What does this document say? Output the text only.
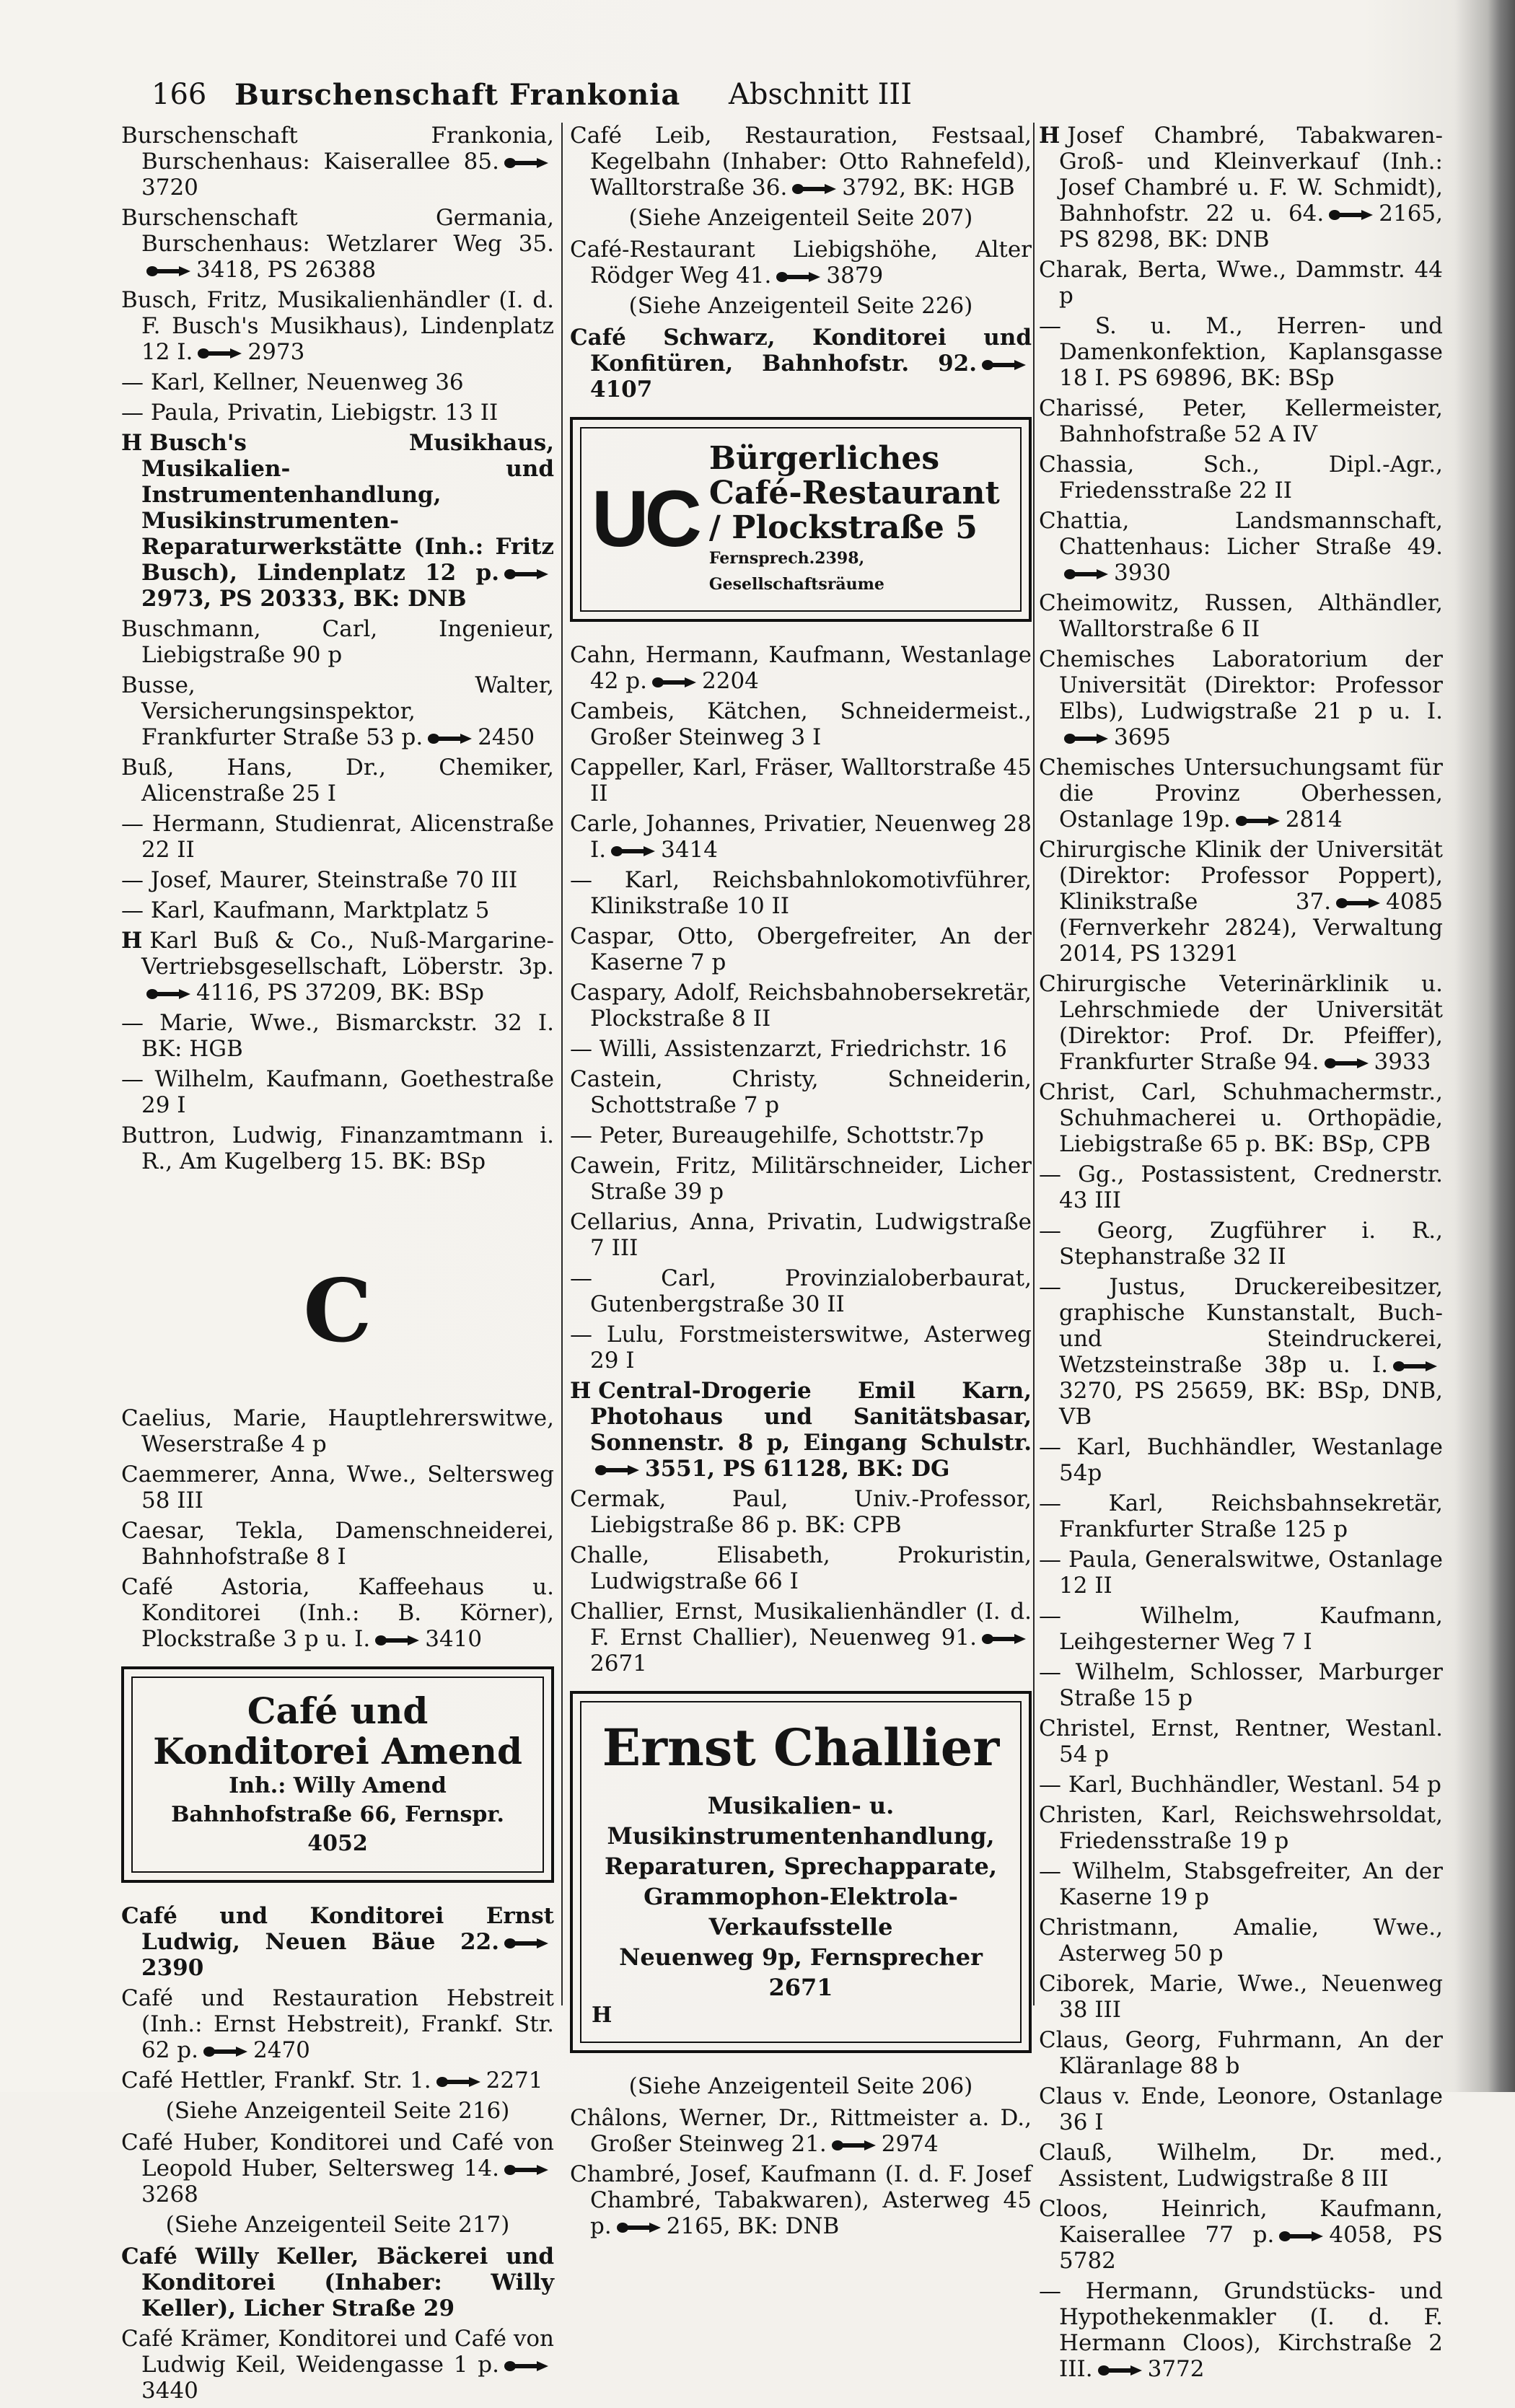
166 Burschenschaft Frankonia Abschnitt III
Burschenschaft Frankonia, Burschenhaus: Kaiserallee 85.3720
Burschenschaft Germania, Burschenhaus: Wetzlarer Weg 35.3418, PS 26388
Busch, Fritz, Musikalienhändler (I. d. F. Busch's Musikhaus), Lindenplatz 12 I. 2973
— Karl, Kellner, Neuenweg 36
— Paula, Privatin, Liebigstr. 13 II
H Busch's Musikhaus, Musikalien- und Instrumentenhandlung, Musikinstrumenten-Reparaturwerkstätte (Inh.: Fritz Busch), Lindenplatz 12 p.2973, PS 20333, BK: DNB
Buschmann, Carl, Ingenieur, Liebigstraße 90 p
Busse, Walter, Versicherungsinspektor, Frankfurter Straße 53 p. 2450
Buß, Hans, Dr., Chemiker, Alicenstraße 25 I
— Hermann, Studienrat, Alicenstraße 22 II
— Josef, Maurer, Steinstraße 70 III
— Karl, Kaufmann, Marktplatz 5
H Karl Buß & Co., Nuß-Margarine-Vertriebsgesellschaft, Löberstr. 3p.4116, PS 37209, BK: BSp
— Marie, Wwe., Bismarckstr. 32 I. BK: HGB
— Wilhelm, Kaufmann, Goethestraße 29 I
Buttron, Ludwig, Finanzamtmann i. R., Am Kugelberg 15. BK: BSp
C
Caelius, Marie, Hauptlehrerswitwe, Weserstraße 4 p
Caemmerer, Anna, Wwe., Seltersweg 58 III
Caesar, Tekla, Damenschneiderei, Bahnhofstraße 8 I
Café Astoria, Kaffeehaus u. Konditorei (Inh.: B. Körner), Plockstraße 3 p u. I. 3410
Café und Konditorei Amend
Inh.: Willy Amend
Bahnhofstraße 66, Fernspr. 4052
Café und Konditorei Ernst Ludwig, Neuen Bäue 22.2390
Café und Restauration Hebstreit (Inh.: Ernst Hebstreit), Frankf. Str. 62 p. 2470
Café Hettler, Frankf. Str. 1. 2271
(Siehe Anzeigenteil Seite 216)
Café Huber, Konditorei und Café von Leopold Huber, Seltersweg 14.3268
(Siehe Anzeigenteil Seite 217)
Café Willy Keller, Bäckerei und Konditorei (Inhaber: Willy Keller), Licher Straße 29
Café Krämer, Konditorei und Café von Ludwig Keil, Weidengasse 1 p.3440
Café Leib, Restauration, Festsaal, Kegelbahn (Inhaber: Otto Rahnefeld), Walltorstraße 36. 3792, BK: HGB
(Siehe Anzeigenteil Seite 207)
Café-Restaurant Liebigshöhe, Alter Rödger Weg 41. 3879
(Siehe Anzeigenteil Seite 226)
Café Schwarz, Konditorei und Konfitüren, Bahnhofstr. 92.4107
UC
Bürgerliches Café-Restaurant / Plockstraße 5
Fernsprech.2398, Gesellschaftsräume
Cahn, Hermann, Kaufmann, Westanlage 42 p. 2204
Cambeis, Kätchen, Schneidermeist., Großer Steinweg 3 I
Cappeller, Karl, Fräser, Walltorstraße 45 II
Carle, Johannes, Privatier, Neuenweg 28 I. 3414
— Karl, Reichsbahnlokomotivführer, Klinikstraße 10 II
Caspar, Otto, Obergefreiter, An der Kaserne 7 p
Caspary, Adolf, Reichsbahnobersekretär, Plockstraße 8 II
— Willi, Assistenzarzt, Friedrichstr. 16
Castein, Christy, Schneiderin, Schottstraße 7 p
— Peter, Bureaugehilfe, Schottstr.7p
Cawein, Fritz, Militärschneider, Licher Straße 39 p
Cellarius, Anna, Privatin, Ludwigstraße 7 III
— Carl, Provinzialoberbaurat, Gutenbergstraße 30 II
— Lulu, Forstmeisterswitwe, Asterweg 29 I
H Central-Drogerie Emil Karn, Photohaus und Sanitätsbasar, Sonnenstr. 8 p, Eingang Schulstr.3551, PS 61128, BK: DG
Cermak, Paul, Univ.-Professor, Liebigstraße 86 p. BK: CPB
Challe, Elisabeth, Prokuristin, Ludwigstraße 66 I
Challier, Ernst, Musikalienhändler (I. d. F. Ernst Challier), Neuenweg 91.2671
Ernst Challier
Musikalien- u. Musikinstrumentenhandlung, Reparaturen, Sprechapparate, Grammophon-Elektrola-Verkaufsstelle
Neuenweg 9p, Fernsprecher 2671
H
(Siehe Anzeigenteil Seite 206)
Châlons, Werner, Dr., Rittmeister a. D., Großer Steinweg 21. 2974
Chambré, Josef, Kaufmann (I. d. F. Josef Chambré, Tabakwaren), Asterweg 45 p. 2165, BK: DNB
H Josef Chambré, Tabakwaren-Groß- und Kleinverkauf (Inh.: Josef Chambré u. F. W. Schmidt), Bahnhofstr. 22 u. 64. 2165, PS 8298, BK: DNB
Charak, Berta, Wwe., Dammstr. 44 p
— S. u. M., Herren- und Damenkonfektion, Kaplansgasse 18 I. PS 69896, BK: BSp
Charissé, Peter, Kellermeister, Bahnhofstraße 52 A IV
Chassia, Sch., Dipl.-Agr., Friedensstraße 22 II
Chattia, Landsmannschaft, Chattenhaus: Licher Straße 49.3930
Cheimowitz, Russen, Althändler, Walltorstraße 6 II
Chemisches Laboratorium der Universität (Direktor: Professor Elbs), Ludwigstraße 21 p u. I.3695
Chemisches Untersuchungsamt für die Provinz Oberhessen, Ostanlage 19p. 2814
Chirurgische Klinik der Universität (Direktor: Professor Poppert), Klinikstraße 37. 4085 (Fernverkehr 2824), Verwaltung 2014, PS 13291
Chirurgische Veterinärklinik u. Lehrschmiede der Universität (Direktor: Prof. Dr. Pfeiffer), Frankfurter Straße 94. 3933
Christ, Carl, Schuhmachermstr., Schuhmacherei u. Orthopädie, Liebigstraße 65 p. BK: BSp, CPB
— Gg., Postassistent, Crednerstr. 43 III
— Georg, Zugführer i. R., Stephanstraße 32 II
— Justus, Druckereibesitzer, graphische Kunstanstalt, Buch- und Steindruckerei, Wetzsteinstraße 38p u. I.3270, PS 25659, BK: BSp, DNB, VB
— Karl, Buchhändler, Westanlage 54p
— Karl, Reichsbahnsekretär, Frankfurter Straße 125 p
— Paula, Generalswitwe, Ostanlage 12 II
— Wilhelm, Kaufmann, Leihgesterner Weg 7 I
— Wilhelm, Schlosser, Marburger Straße 15 p
Christel, Ernst, Rentner, Westanl. 54 p
— Karl, Buchhändler, Westanl. 54 p
Christen, Karl, Reichswehrsoldat, Friedensstraße 19 p
— Wilhelm, Stabsgefreiter, An der Kaserne 19 p
Christmann, Amalie, Wwe., Asterweg 50 p
Ciborek, Marie, Wwe., Neuenweg 38 III
Claus, Georg, Fuhrmann, An der Kläranlage 88 b
Claus v. Ende, Leonore, Ostanlage 36 I
Clauß, Wilhelm, Dr. med., Assistent, Ludwigstraße 8 III
Cloos, Heinrich, Kaufmann, Kaiserallee 77 p. 4058, PS 5782
— Hermann, Grundstücks- und Hypothekenmakler (I. d. F. Hermann Cloos), Kirchstraße 2 III. 3772
